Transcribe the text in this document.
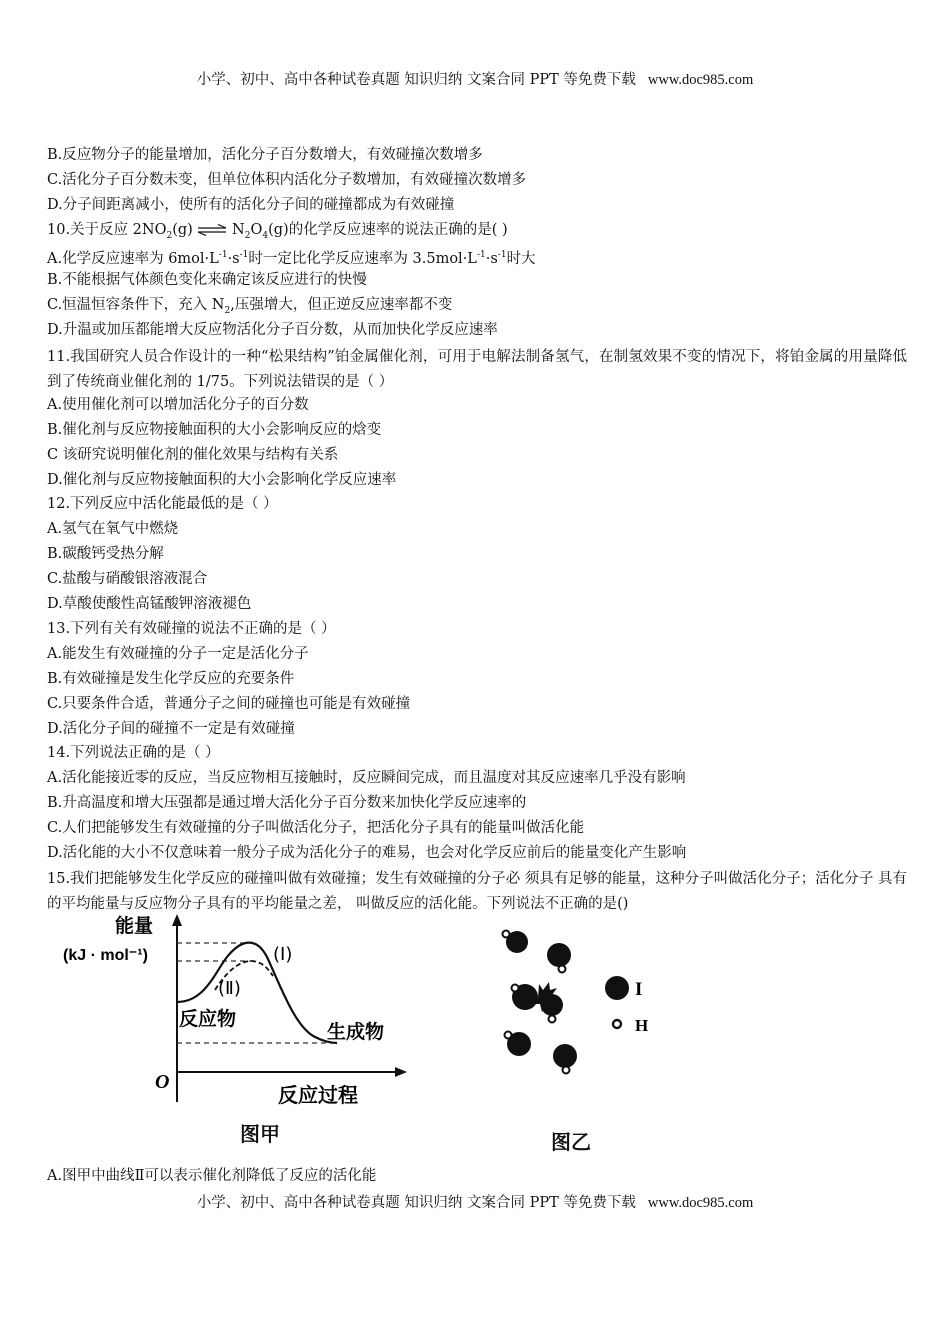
小学、初中、高中各种试卷真题 知识归纳 文案合同 PPT 等免费下载 www.doc985.com
B.反应物分子的能量增加，活化分子百分数增大，有效碰撞次数增多
C.活化分子百分数未变，但单位体积内活化分子数增加，有效碰撞次数增多
D.分子间距离减小，使所有的活化分子间的碰撞都成为有效碰撞
10.关于反应 $2NO_2(g)$ ⇌ $N_2O_4(g)$的化学反应速率的说法正确的是( )
A.化学反应速率为 $6mol\cdot L^{-1}\cdot s^{-1}$时一定比化学反应速率为 $3.5mol\cdot L^{-1}\cdot s^{-1}$时大
B.不能根据气体颜色变化来确定该反应进行的快慢
C.恒温恒容条件下，充入 $N_2$,压强增大，但正逆反应速率都不变
D.升温或加压都能增大反应物活化分子百分数，从而加快化学反应速率
11.我国研究人员合作设计的一种“松果结构”铂金属催化剂，可用于电解法制备氢气，在制氢效果不变的情况下，将铂金属的用量降低到了传统商业催化剂的 1/75。下列说法错误的是（ ）
A.使用催化剂可以增加活化分子的百分数
B.催化剂与反应物接触面积的大小会影响反应的焓变
C 该研究说明催化剂的催化效果与结构有关系
D.催化剂与反应物接触面积的大小会影响化学反应速率
12.下列反应中活化能最低的是（ ）
A.氢气在氧气中燃烧
B.碳酸钙受热分解
C.盐酸与硝酸银溶液混合
D.草酸使酸性高锰酸钾溶液褪色
13.下列有关有效碰撞的说法不正确的是（ ）
A.能发生有效碰撞的分子一定是活化分子
B.有效碰撞是发生化学反应的充要条件
C.只要条件合适，普通分子之间的碰撞也可能是有效碰撞
D.活化分子间的碰撞不一定是有效碰撞
14.下列说法正确的是（ ）
A.活化能接近零的反应，当反应物相互接触时，反应瞬间完成，而且温度对其反应速率几乎没有影响
B.升高温度和增大压强都是通过增大活化分子百分数来加快化学反应速率的
C.人们把能够发生有效碰撞的分子叫做活化分子，把活化分子具有的能量叫做活化能
D.活化能的大小不仅意味着一般分子成为活化分子的难易，也会对化学反应前后的能量变化产生影响
15.我们把能够发生化学反应的碰撞叫做有效碰撞；发生有效碰撞的分子必 须具有足够的能量，这种分子叫做活化分子；活化分子 具有的平均能量与反应物分子具有的平均能量之差， 叫做反应的活化能。下列说法不正确的是()
能量
(kJ · mol⁻¹)	(Ⅰ)
(Ⅱ)
反应物
生成物
O
反应过程
图甲
I
H
图乙
A.图甲中曲线Ⅱ可以表示催化剂降低了反应的活化能
小学、初中、高中各种试卷真题 知识归纳 文案合同 PPT 等免费下载 www.doc985.com
